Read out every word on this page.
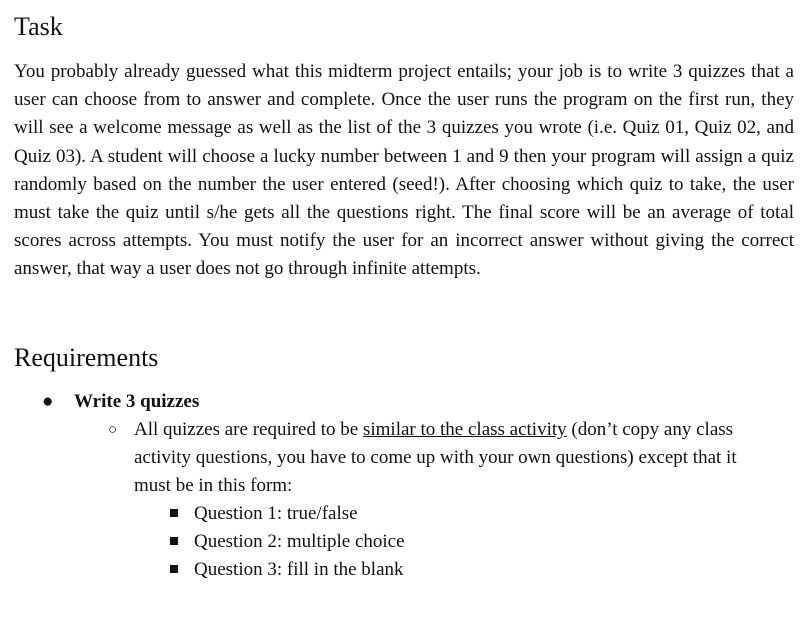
Task

You probably already guessed what this midterm project entails; your job is to write 3 quizzes that a user can choose from to answer and complete. Once the user runs the program on the first run, they will see a welcome message as well as the list of the 3 quizzes you wrote (i.e. Quiz 01, Quiz 02, and Quiz 03). A student will choose a lucky number between 1 and 9 then your program will assign a quiz randomly based on the number the user entered (seed!). After choosing which quiz to take, the user must take the quiz until s/he gets all the questions right. The final score will be an average of total scores across attempts. You must notify the user for an incorrect answer without giving the correct answer, that way a user does not go through infinite attempts.

Requirements
● Write 3 quizzes
○ All quizzes are required to be similar to the class activity (don’t copy any class activity questions, you have to come up with your own questions) except that it must be in this form:
Question 1: true/false
Question 2: multiple choice
Question 3: fill in the blank
